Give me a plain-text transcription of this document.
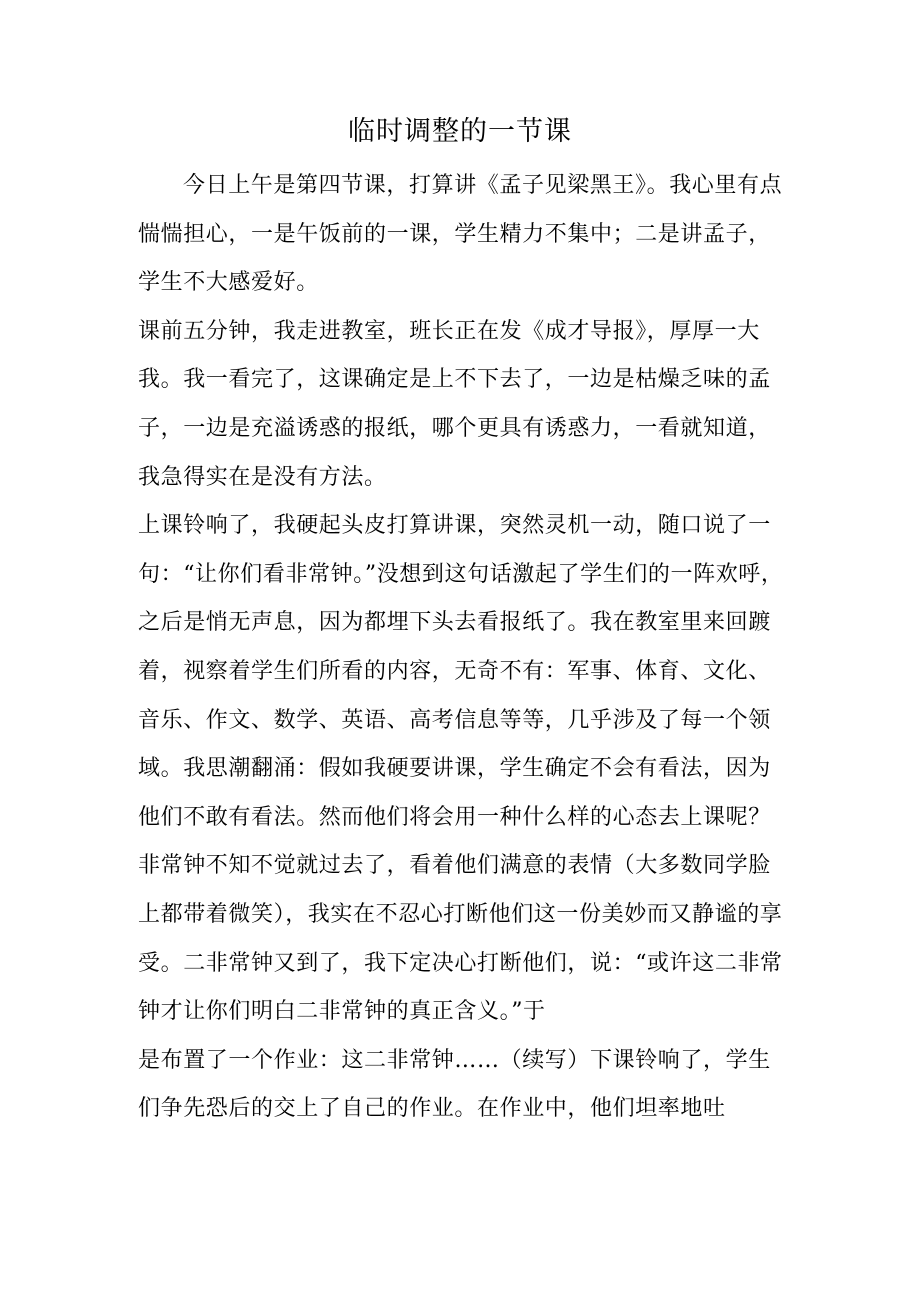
临时调整的一节课

今日上午是第四节课，打算讲《孟子见梁黑王》。我心里有点惴惴担心，一是午饭前的一课，学生精力不集中；二是讲孟子，学生不大感爱好。

课前五分钟，我走进教室，班长正在发《成才导报》，厚厚一大我。我一看完了，这课确定是上不下去了，一边是枯燥乏味的孟子，一边是充溢诱惑的报纸，哪个更具有诱惑力，一看就知道，我急得实在是没有方法。

上课铃响了，我硬起头皮打算讲课，突然灵机一动，随口说了一句：“让你们看非常钟。”没想到这句话激起了学生们的一阵欢呼，之后是悄无声息，因为都埋下头去看报纸了。我在教室里来回踱着，视察着学生们所看的内容，无奇不有：军事、体育、文化、音乐、作文、数学、英语、高考信息等等，几乎涉及了每一个领域。我思潮翻涌：假如我硬要讲课，学生确定不会有看法，因为他们不敢有看法。然而他们将会用一种什么样的心态去上课呢？

非常钟不知不觉就过去了，看着他们满意的表情（大多数同学脸上都带着微笑），我实在不忍心打断他们这一份美妙而又静谧的享受。二非常钟又到了，我下定决心打断他们，说：“或许这二非常钟才让你们明白二非常钟的真正含义。”于

是布置了一个作业：这二非常钟……（续写）下课铃响了，学生们争先恐后的交上了自己的作业。在作业中，他们坦率地吐
